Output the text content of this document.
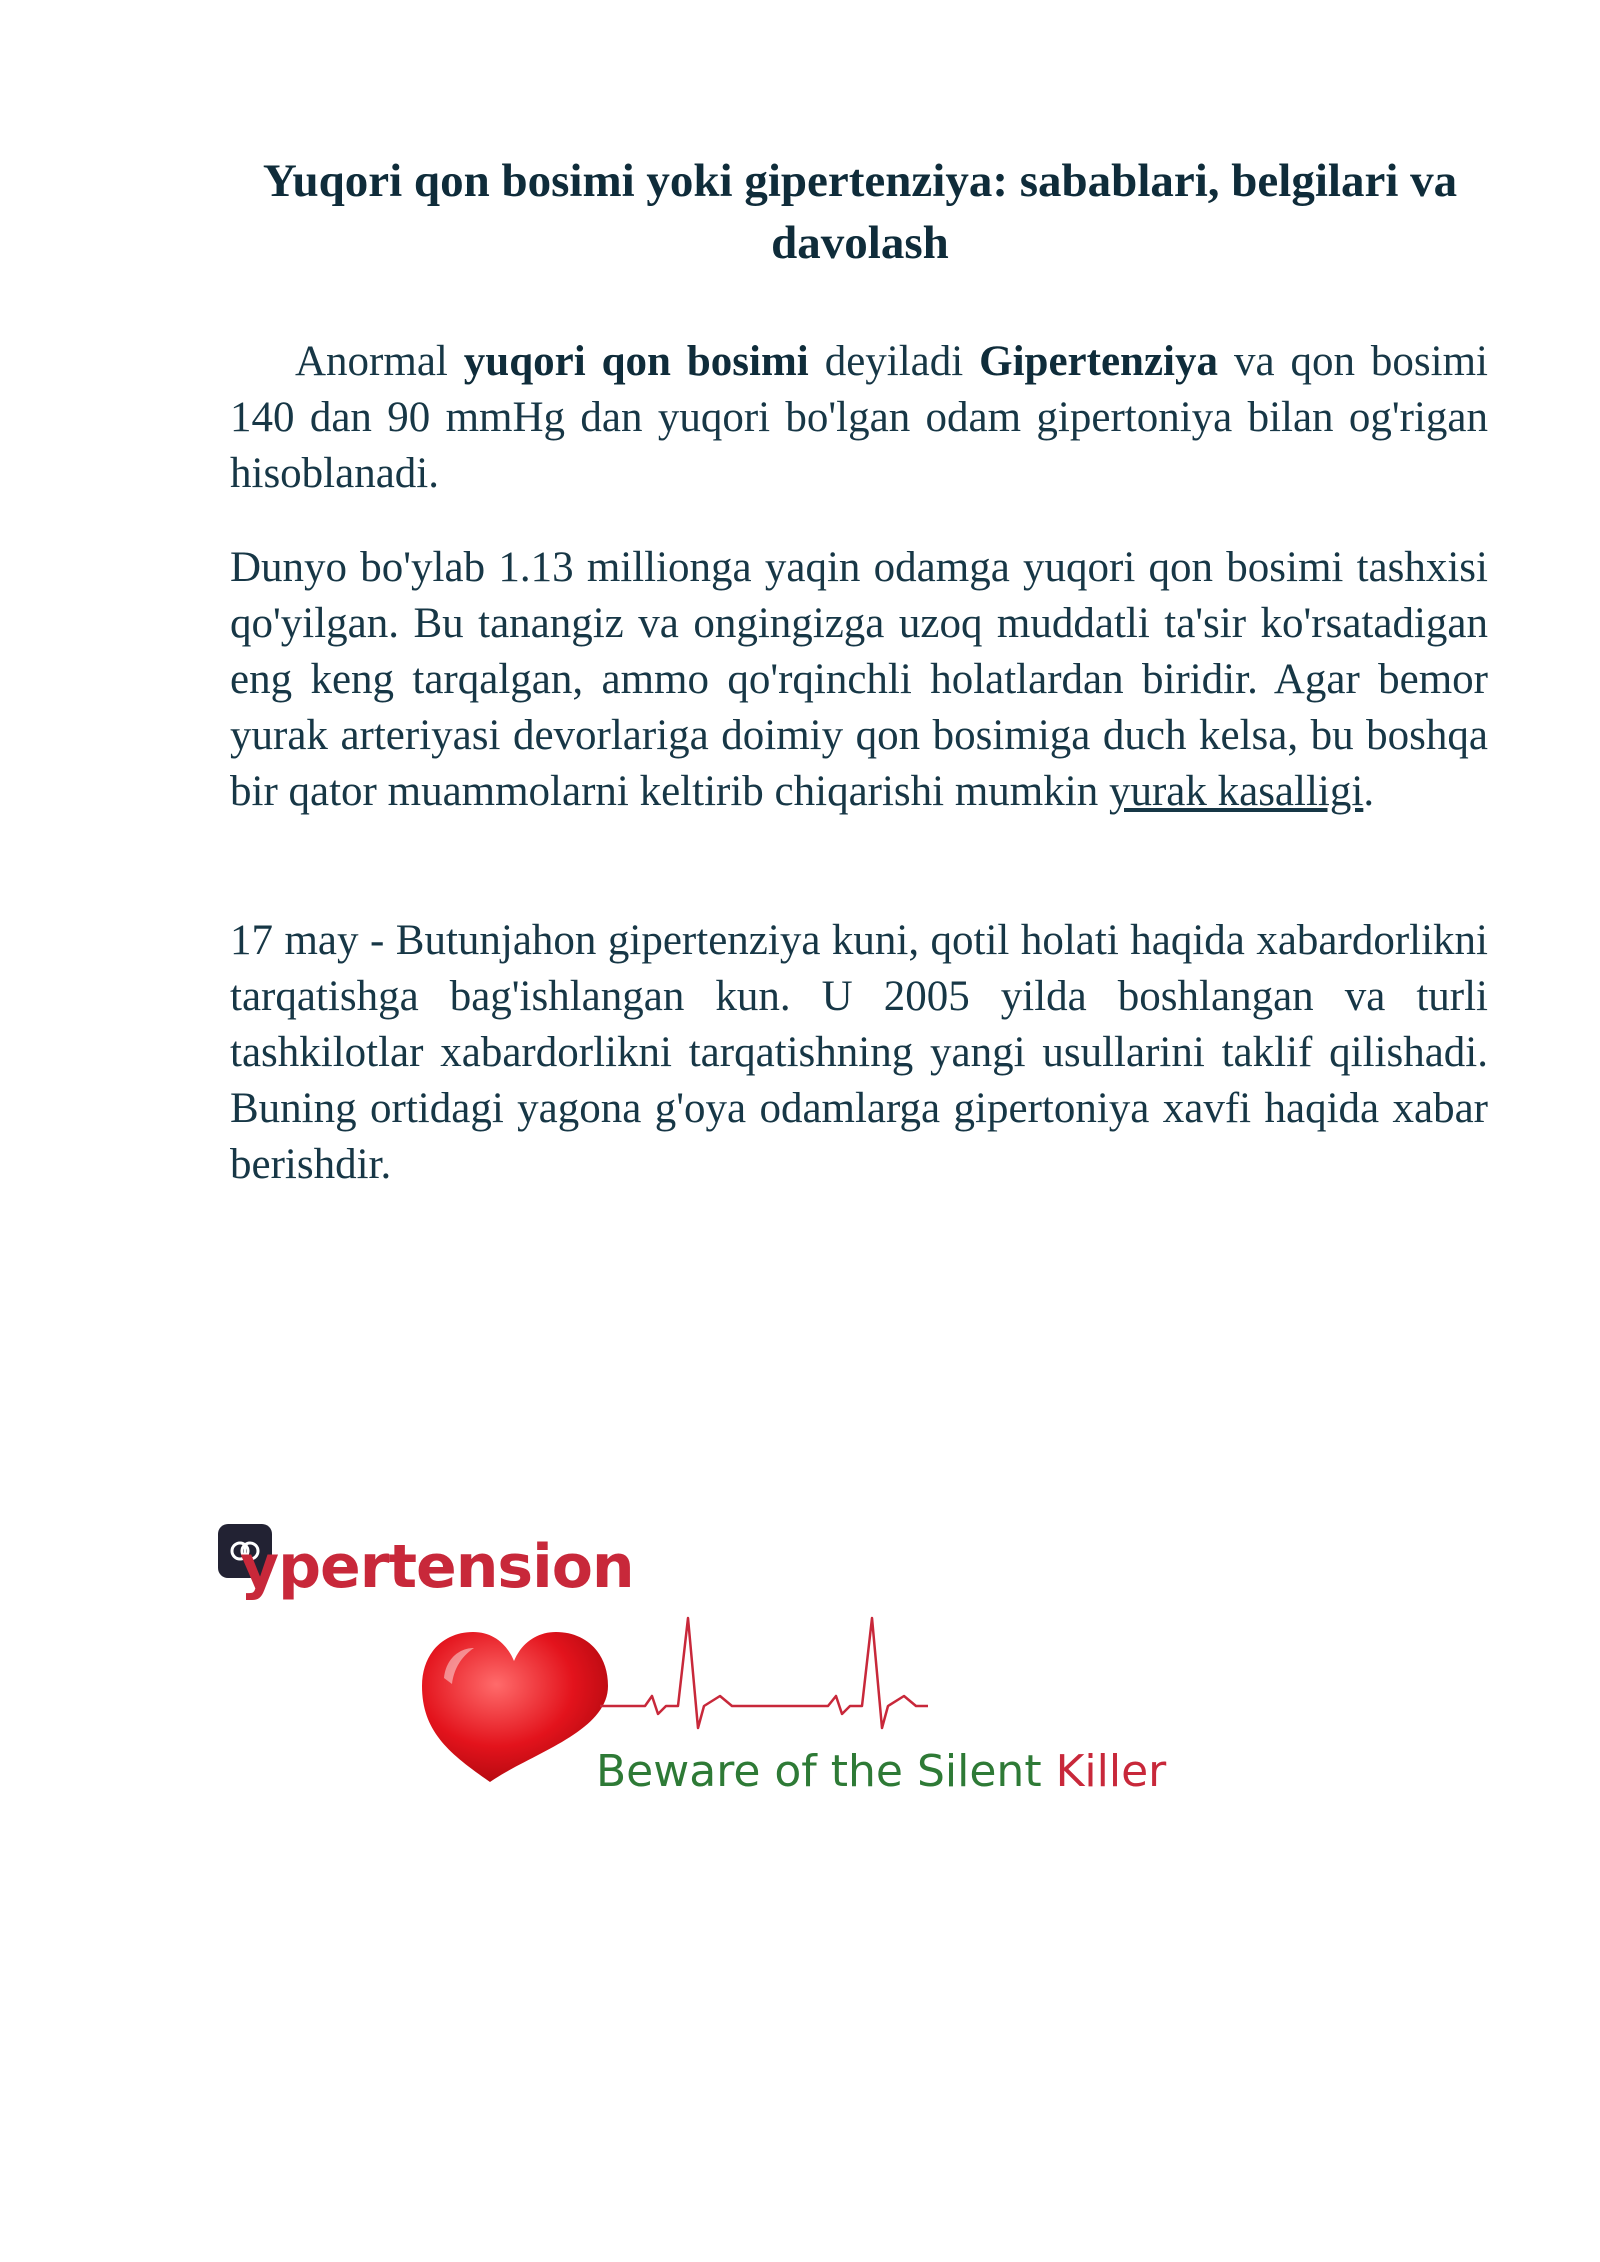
Yuqori qon bosimi yoki gipertenziya: sabablari, belgilari va davolash

Anormal yuqori qon bosimi deyiladi Gipertenziya va qon bosimi 140 dan 90 mmHg dan yuqori bo'lgan odam gipertoniya bilan og'rigan hisoblanadi.

Dunyo bo'ylab 1.13 millionga yaqin odamga yuqori qon bosimi tashxisi qo'yilgan. Bu tanangiz va ongingizga uzoq muddatli ta'sir ko'rsatadigan eng keng tarqalgan, ammo qo'rqinchli holatlardan biridir. Agar bemor yurak arteriyasi devorlariga doimiy qon bosimiga duch kelsa, bu boshqa bir qator muammolarni keltirib chiqarishi mumkin yurak kasalligi.

17 may - Butunjahon gipertenziya kuni, qotil holati haqida xabardorlikni tarqatishga bag'ishlangan kun. U 2005 yilda boshlangan va turli tashkilotlar xabardorlikni tarqatishning yangi usullarini taklif qilishadi. Buning ortidagi yagona g'oya odamlarga gipertoniya xavfi haqida xabar berishdir.

ypertension
Beware of the Silent Killer
